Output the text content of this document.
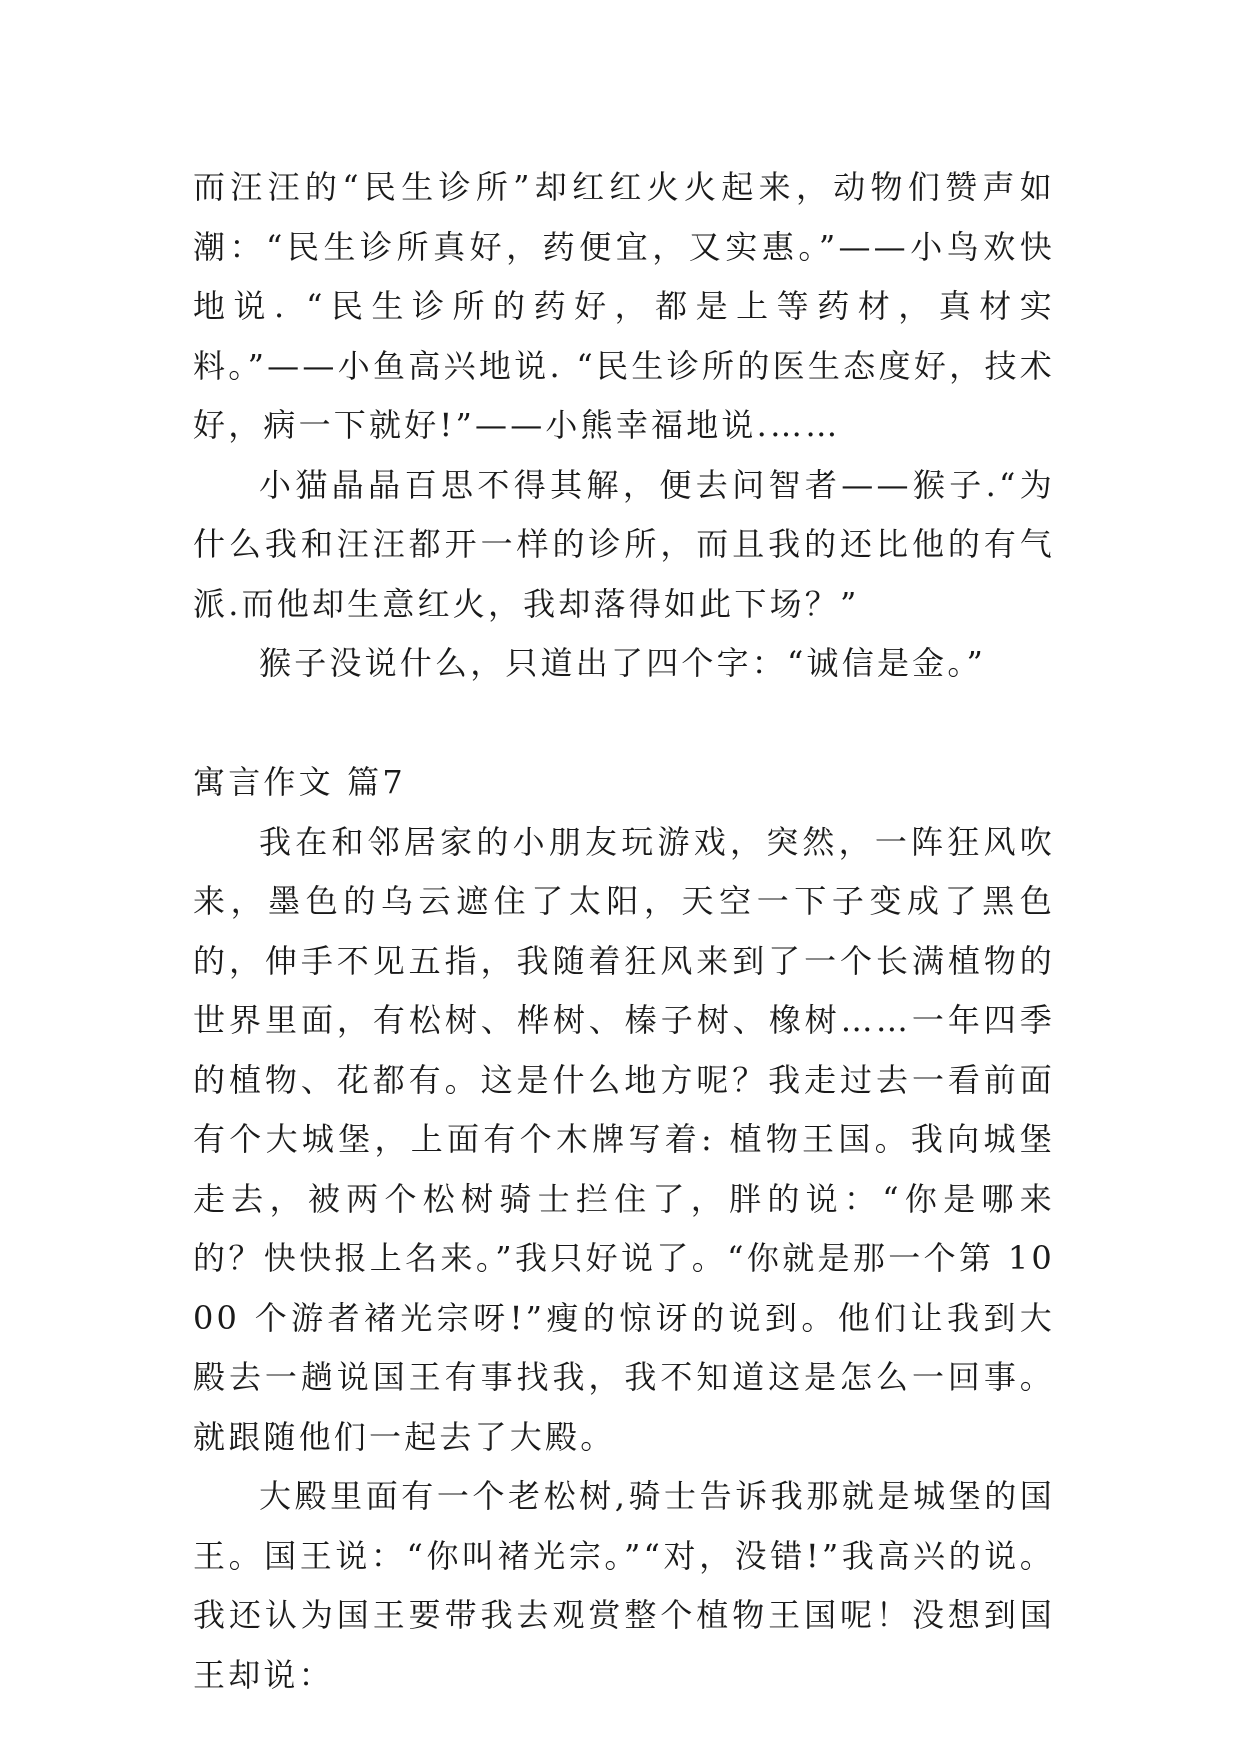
而汪汪的“民生诊所”却红红火火起来，动物们赞声如潮：“民生诊所真好，药便宜，又实惠。”——小鸟欢快地说. “民生诊所的药好，都是上等药材，真材实料。”——小鱼高兴地说. “民生诊所的医生态度好，技术好，病一下就好!”——小熊幸福地说.……

小猫晶晶百思不得其解，便去问智者——猴子.“为什么我和汪汪都开一样的诊所，而且我的还比他的有气派.而他却生意红火，我却落得如此下场？”

猴子没说什么，只道出了四个字：“诚信是金。”

寓言作文 篇7

我在和邻居家的小朋友玩游戏，突然，一阵狂风吹来，墨色的乌云遮住了太阳，天空一下子变成了黑色的，伸手不见五指，我随着狂风来到了一个长满植物的世界里面，有松树、桦树、榛子树、橡树……一年四季的植物、花都有。这是什么地方呢？我走过去一看前面有个大城堡，上面有个木牌写着: 植物王国。我向城堡走去，被两个松树骑士拦住了，胖的说：“你是哪来的？快快报上名来。”我只好说了。“你就是那一个第 1000 个游者褚光宗呀!”瘦的惊讶的说到。他们让我到大殿去一趟说国王有事找我，我不知道这是怎么一回事。就跟随他们一起去了大殿。

大殿里面有一个老松树,骑士告诉我那就是城堡的国王。国王说：“你叫褚光宗。”“对，没错!”我高兴的说。我还认为国王要带我去观赏整个植物王国呢！没想到国王却说：
